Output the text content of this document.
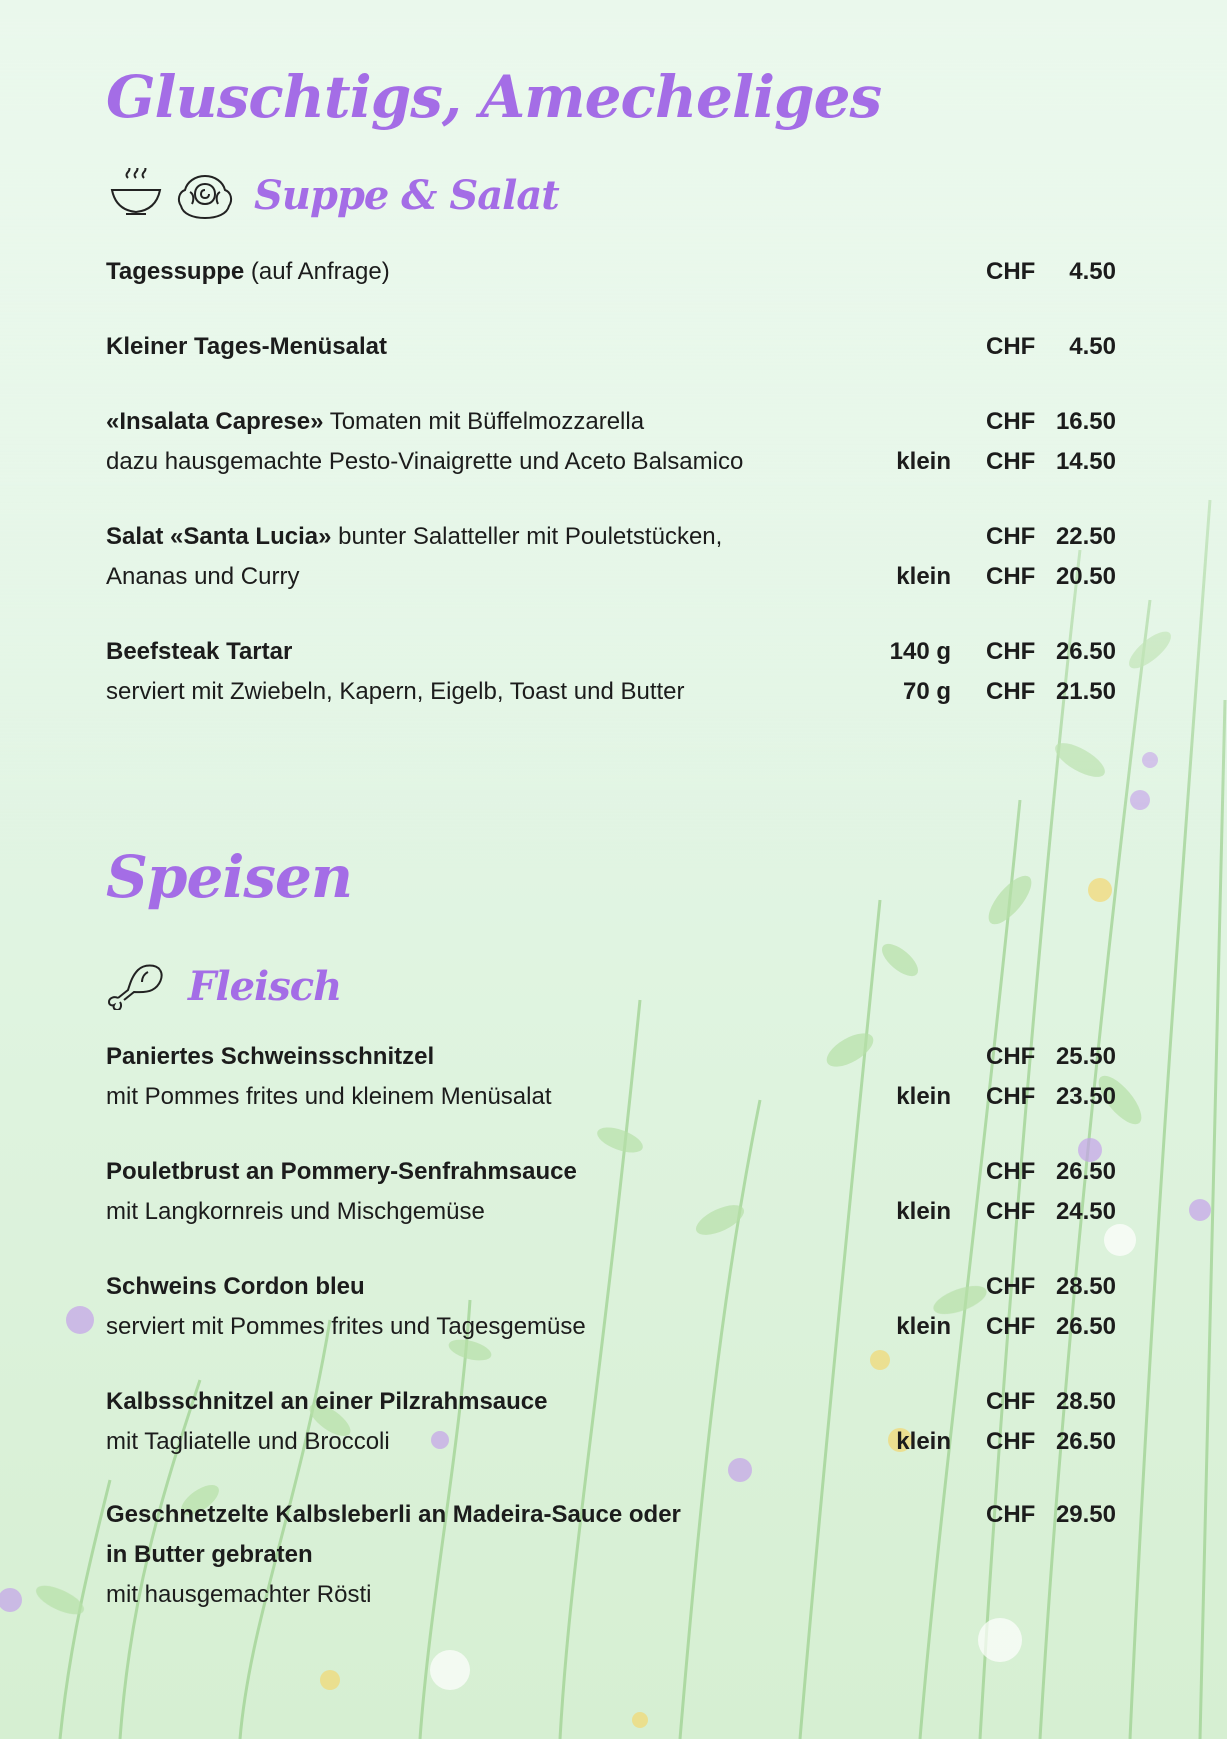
Gluschtigs, Amecheliges
Suppe & Salat
Tagessuppe (auf Anfrage)	CHF 4.50
Kleiner Tages-Menüsalat	CHF 4.50
«Insalata Caprese» Tomaten mit Büffelmozzarella	CHF 16.50
dazu hausgemachte Pesto-Vinaigrette und Aceto Balsamico	klein CHF 14.50
Salat «Santa Lucia» bunter Salatteller mit Pouletstücken,	CHF 22.50
Ananas und Curry	klein CHF 20.50
Beefsteak Tartar	140 g CHF 26.50
serviert mit Zwiebeln, Kapern, Eigelb, Toast und Butter	70 g CHF 21.50
Speisen
Fleisch
Paniertes Schweinsschnitzel	CHF 25.50
mit Pommes frites und kleinem Menüsalat	klein CHF 23.50
Pouletbrust an Pommery-Senfrahmsauce	CHF 26.50
mit Langkornreis und Mischgemüse	klein CHF 24.50
Schweins Cordon bleu	CHF 28.50
serviert mit Pommes frites und Tagesgemüse	klein CHF 26.50
Kalbsschnitzel an einer Pilzrahmsauce	CHF 28.50
mit Tagliatelle und Broccoli	klein CHF 26.50
Geschnetzelte Kalbsleberli an Madeira-Sauce oder	CHF 29.50
in Butter gebraten
mit hausgemachter Rösti
